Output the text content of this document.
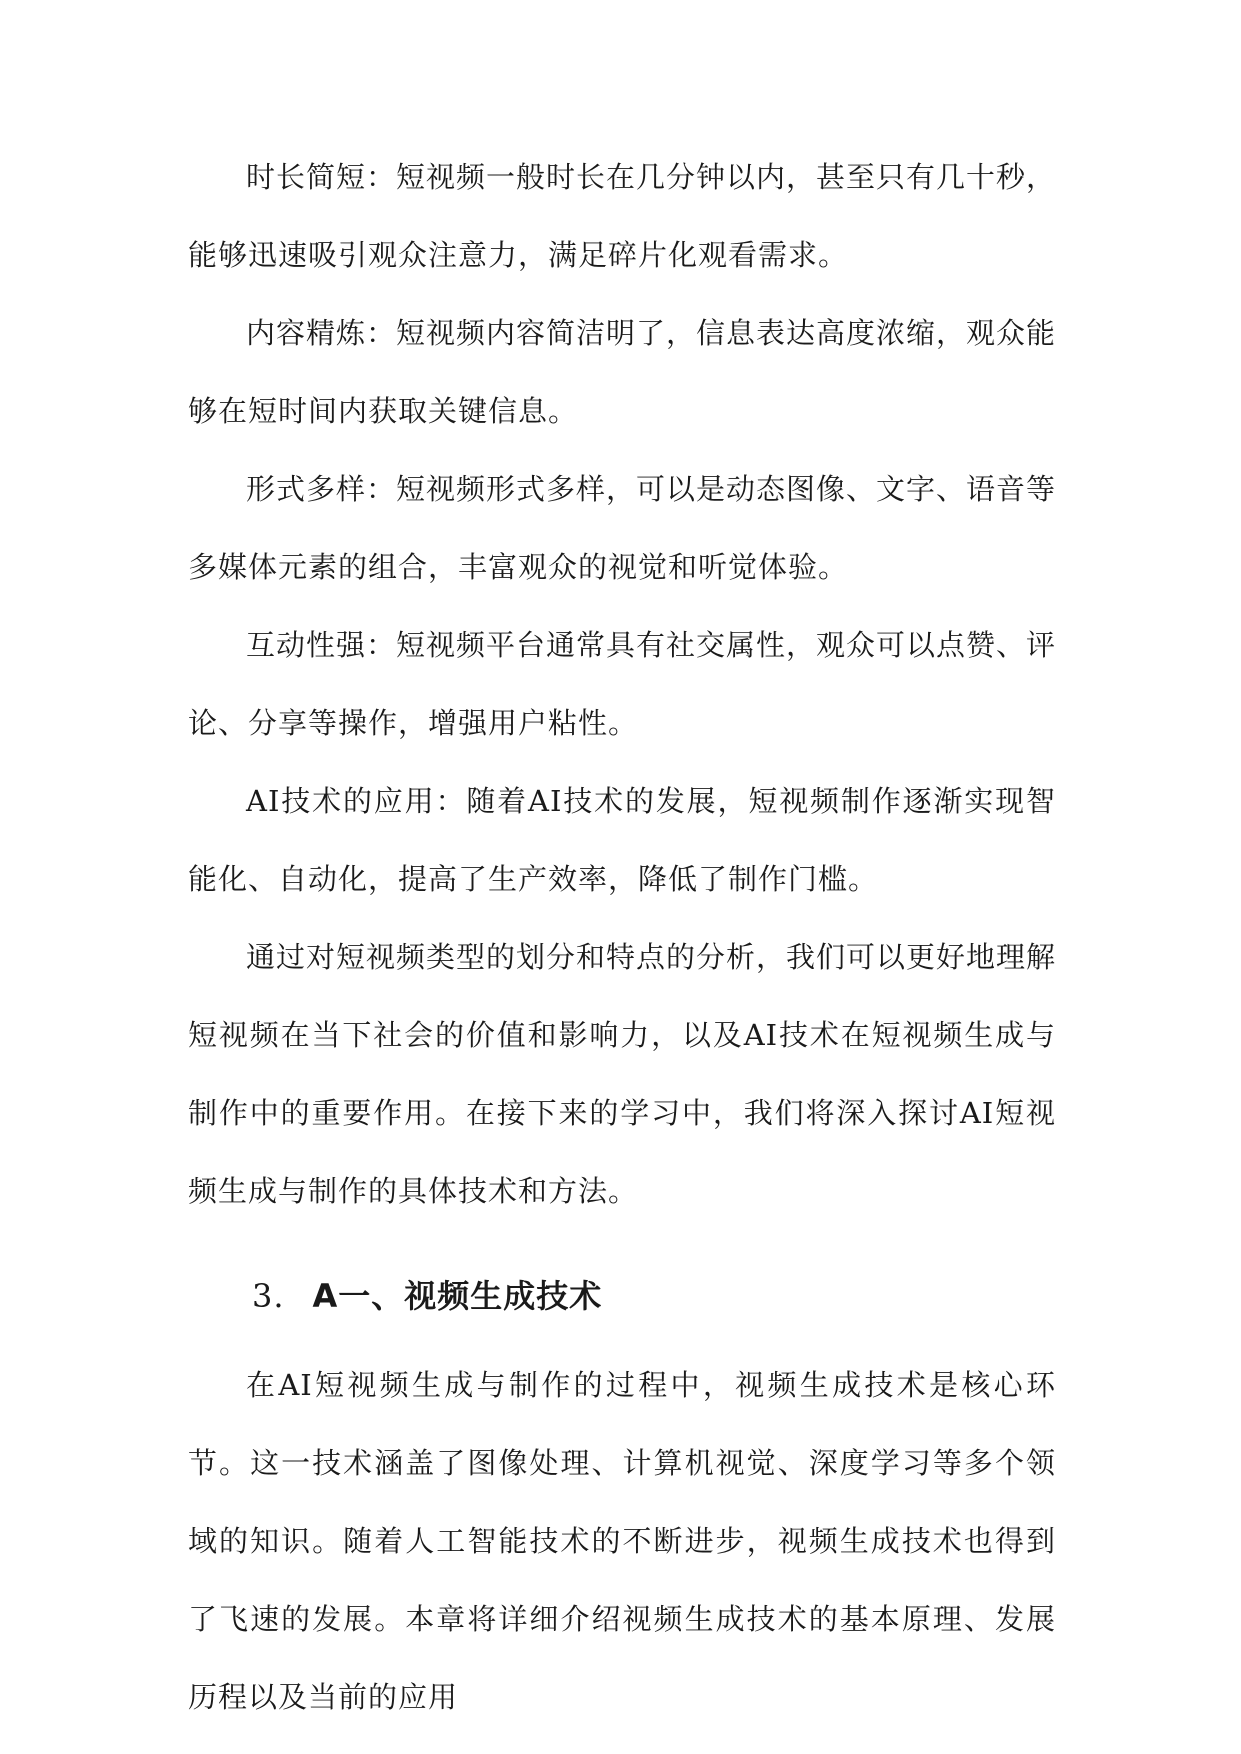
时长简短：短视频一般时长在几分钟以内，甚至只有几十秒，能够迅速吸引观众注意力，满足碎片化观看需求。

内容精炼：短视频内容简洁明了，信息表达高度浓缩，观众能够在短时间内获取关键信息。

形式多样：短视频形式多样，可以是动态图像、文字、语音等多媒体元素的组合，丰富观众的视觉和听觉体验。

互动性强：短视频平台通常具有社交属性，观众可以点赞、评论、分享等操作，增强用户粘性。

AI技术的应用：随着AI技术的发展，短视频制作逐渐实现智能化、自动化，提高了生产效率，降低了制作门槛。

通过对短视频类型的划分和特点的分析，我们可以更好地理解短视频在当下社会的价值和影响力，以及AI技术在短视频生成与制作中的重要作用。在接下来的学习中，我们将深入探讨AI短视频生成与制作的具体技术和方法。

3. A一、视频生成技术

在AI短视频生成与制作的过程中，视频生成技术是核心环节。这一技术涵盖了图像处理、计算机视觉、深度学习等多个领域的知识。随着人工智能技术的不断进步，视频生成技术也得到了飞速的发展。本章将详细介绍视频生成技术的基本原理、发展历程以及当前的应用
